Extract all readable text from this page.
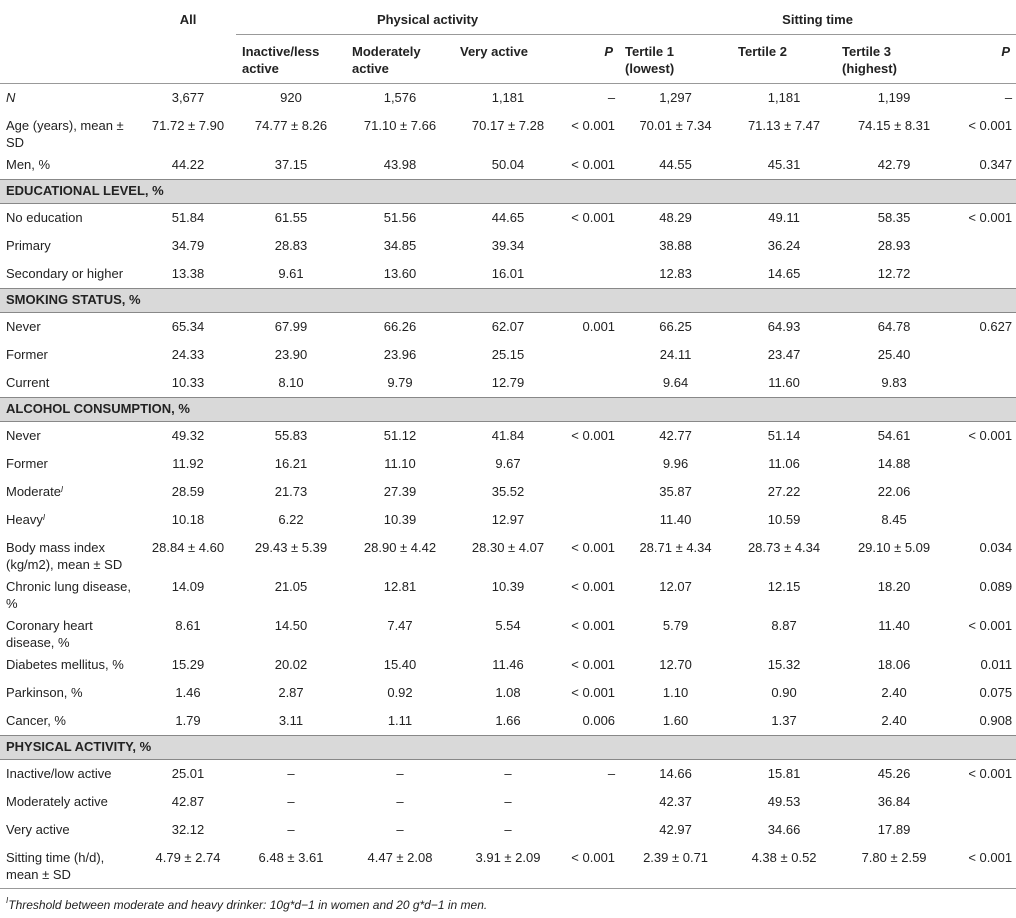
	All	Physical activity				Sitting time			
		Inactive/less active	Moderately active	Very active	P	Tertile 1 (lowest)	Tertile 2	Tertile 3 (highest)	P
N	3,677	920	1,576	1,181	–	1,297	1,181	1,199	–
Age (years), mean ± SD	71.72 ± 7.90	74.77 ± 8.26	71.10 ± 7.66	70.17 ± 7.28	< 0.001	70.01 ± 7.34	71.13 ± 7.47	74.15 ± 8.31	< 0.001
Men, %	44.22	37.15	43.98	50.04	< 0.001	44.55	45.31	42.79	0.347
EDUCATIONAL LEVEL, %									
No education	51.84	61.55	51.56	44.65	< 0.001	48.29	49.11	58.35	< 0.001
Primary	34.79	28.83	34.85	39.34		38.88	36.24	28.93	
Secondary or higher	13.38	9.61	13.60	16.01		12.83	14.65	12.72	
SMOKING STATUS, %									
Never	65.34	67.99	66.26	62.07	0.001	66.25	64.93	64.78	0.627
Former	24.33	23.90	23.96	25.15		24.11	23.47	25.40	
Current	10.33	8.10	9.79	12.79		9.64	11.60	9.83	
ALCOHOL CONSUMPTION, %									
Never	49.32	55.83	51.12	41.84	< 0.001	42.77	51.14	54.61	< 0.001
Former	11.92	16.21	11.10	9.67		9.96	11.06	14.88	
Moderate$^I$	28.59	21.73	27.39	35.52		35.87	27.22	22.06	
Heavy$^I$	10.18	6.22	10.39	12.97		11.40	10.59	8.45	
Body mass index (kg/m2), mean ± SD	28.84 ± 4.60	29.43 ± 5.39	28.90 ± 4.42	28.30 ± 4.07	< 0.001	28.71 ± 4.34	28.73 ± 4.34	29.10 ± 5.09	0.034
Chronic lung disease, %	14.09	21.05	12.81	10.39	< 0.001	12.07	12.15	18.20	0.089
Coronary heart disease, %	8.61	14.50	7.47	5.54	< 0.001	5.79	8.87	11.40	< 0.001
Diabetes mellitus, %	15.29	20.02	15.40	11.46	< 0.001	12.70	15.32	18.06	0.011
Parkinson, %	1.46	2.87	0.92	1.08	< 0.001	1.10	0.90	2.40	0.075
Cancer, %	1.79	3.11	1.11	1.66	0.006	1.60	1.37	2.40	0.908
PHYSICAL ACTIVITY, %									
Inactive/low active	25.01	–	–	–	–	14.66	15.81	45.26	< 0.001
Moderately active	42.87	–	–	–		42.37	49.53	36.84	
Very active	32.12	–	–	–		42.97	34.66	17.89	
Sitting time (h/d), mean ± SD	4.79 ± 2.74	6.48 ± 3.61	4.47 ± 2.08	3.91 ± 2.09	< 0.001	2.39 ± 0.71	4.38 ± 0.52	7.80 ± 2.59	< 0.001
$^I$Threshold between moderate and heavy drinker: 10g*d−1 in women and 20 g*d−1 in men.
